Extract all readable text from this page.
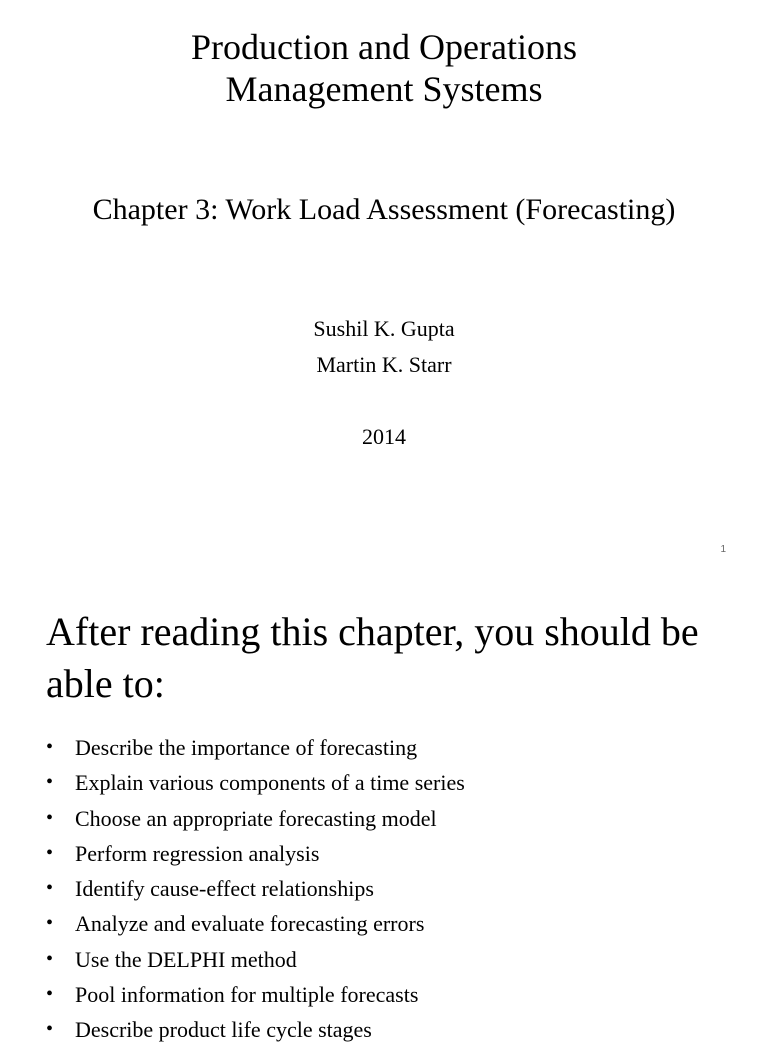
Production and Operations
Management Systems

Chapter 3: Work Load Assessment (Forecasting)

Sushil K. Gupta
Martin K. Starr
2014
1
After reading this chapter, you should be able to:
• Describe the importance of forecasting
• Explain various components of a time series
• Choose an appropriate forecasting model
• Perform regression analysis
• Identify cause-effect relationships
• Analyze and evaluate forecasting errors
• Use the DELPHI method
• Pool information for multiple forecasts
• Describe product life cycle stages
